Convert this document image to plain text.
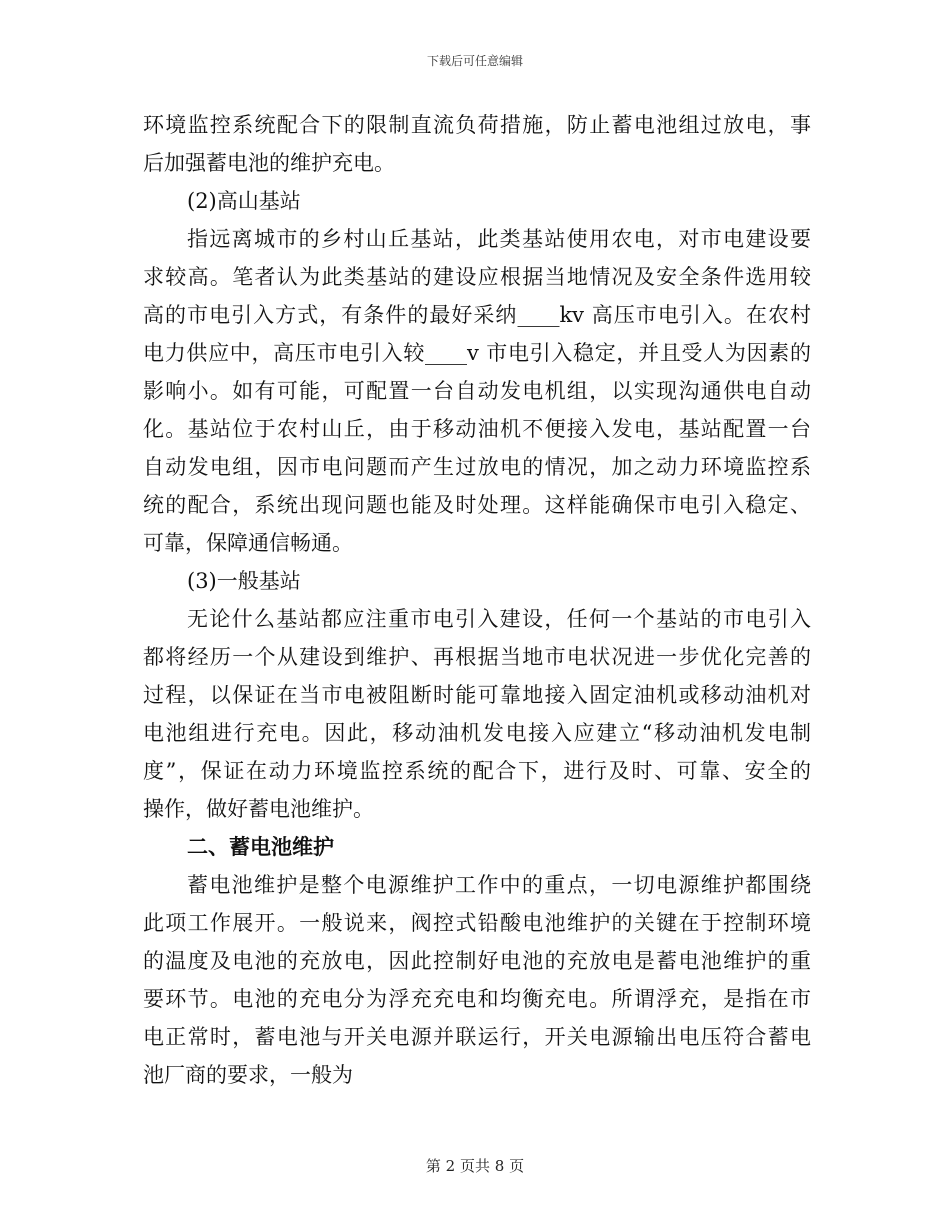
下载后可任意编辑
环境监控系统配合下的限制直流负荷措施，防止蓄电池组过放电，事
后加强蓄电池的维护充电。
(2)高山基站
指远离城市的乡村山丘基站，此类基站使用农电，对市电建设要
求较高。笔者认为此类基站的建设应根据当地情况及安全条件选用较
高的市电引入方式，有条件的最好采纳____kv 高压市电引入。在农村
电力供应中，高压市电引入较____v 市电引入稳定，并且受人为因素的
影响小。如有可能，可配置一台自动发电机组，以实现沟通供电自动
化。基站位于农村山丘，由于移动油机不便接入发电，基站配置一台
自动发电组，因市电问题而产生过放电的情况，加之动力环境监控系
统的配合，系统出现问题也能及时处理。这样能确保市电引入稳定、
可靠，保障通信畅通。
(3)一般基站
无论什么基站都应注重市电引入建设，任何一个基站的市电引入
都将经历一个从建设到维护、再根据当地市电状况进一步优化完善的
过程，以保证在当市电被阻断时能可靠地接入固定油机或移动油机对
电池组进行充电。因此，移动油机发电接入应建立“移动油机发电制
度”，保证在动力环境监控系统的配合下，进行及时、可靠、安全的
操作，做好蓄电池维护。
二、蓄电池维护
蓄电池维护是整个电源维护工作中的重点，一切电源维护都围绕
此项工作展开。一般说来，阀控式铅酸电池维护的关键在于控制环境
的温度及电池的充放电，因此控制好电池的充放电是蓄电池维护的重
要环节。电池的充电分为浮充充电和均衡充电。所谓浮充，是指在市
电正常时，蓄电池与开关电源并联运行，开关电源输出电压符合蓄电
池厂商的要求，一般为
第 2 页共 8 页
